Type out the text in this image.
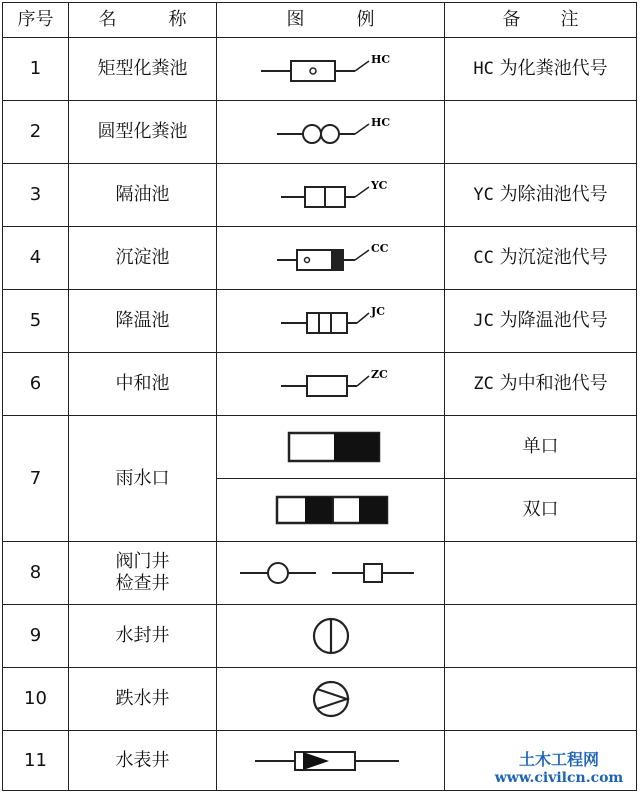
序号	名 称	图 例	备 注
1	矩型化粪池	HC	HC 为化粪池代号
2	圆型化粪池	HC	

3	隔油池	YC	YC 为除油池代号
4	沉淀池	CC	CC 为沉淀池代号
5	降温池	JC	JC 为降温池代号
6	中和池	ZC	ZC 为中和池代号
7	雨水口		单口

	双口
8	阀门井
检查井

9	水封井	

10	跌水井	

11	水表井	
		土木工程网
www.civilcn.com
